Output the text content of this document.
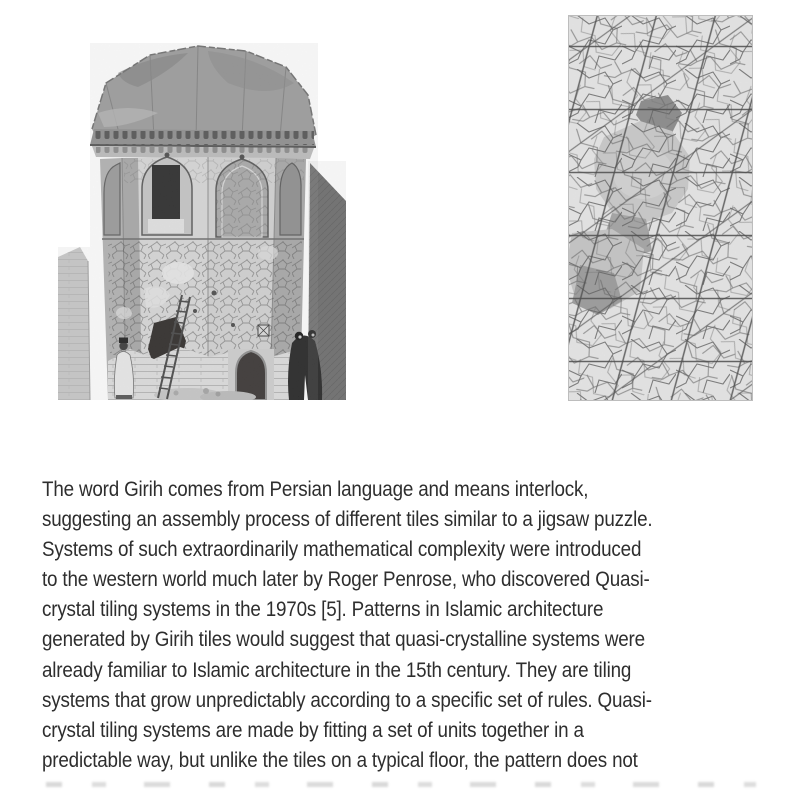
The word Girih comes from Persian language and means interlock,
suggesting an assembly process of different tiles similar to a jigsaw puzzle.
Systems of such extraordinarily mathematical complexity were introduced
to the western world much later by Roger Penrose, who discovered Quasi-
crystal tiling systems in the 1970s [5]. Patterns in Islamic architecture
generated by Girih tiles would suggest that quasi-crystalline systems were
already familiar to Islamic architecture in the 15th century. They are tiling
systems that grow unpredictably according to a specific set of rules. Quasi-
crystal tiling systems are made by fitting a set of units together in a
predictable way, but unlike the tiles on a typical floor, the pattern does not
